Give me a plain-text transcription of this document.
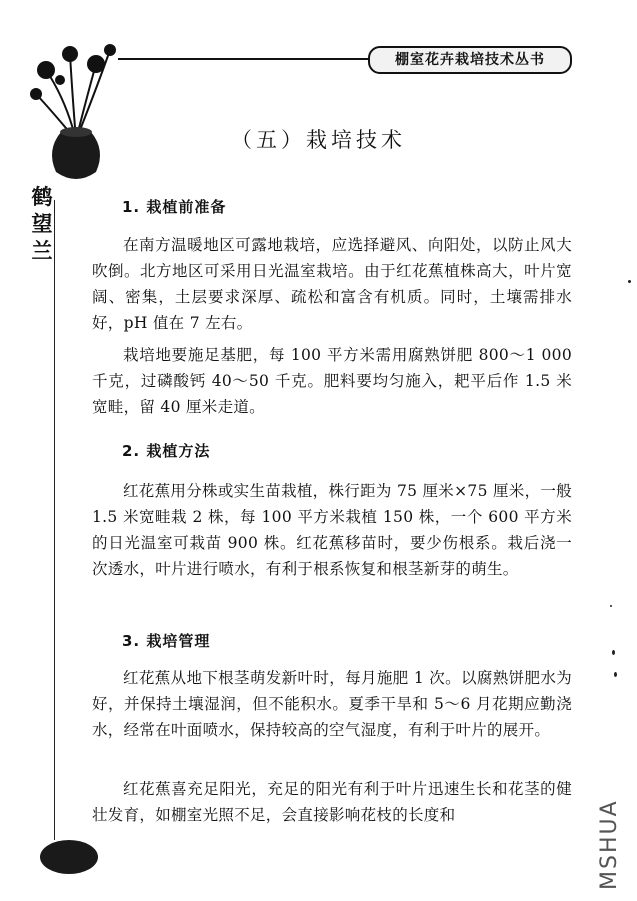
棚室花卉栽培技术丛书
鹤
望
兰
（五）栽培技术
1. 栽植前准备
在南方温暖地区可露地栽培，应选择避风、向阳处，以防止风大吹倒。北方地区可采用日光温室栽培。由于红花蕉植株高大，叶片宽阔、密集，土层要求深厚、疏松和富含有机质。同时，土壤需排水好，pH 值在 7 左右。
栽培地要施足基肥，每 100 平方米需用腐熟饼肥 800～1 000 千克，过磷酸钙 40～50 千克。肥料要均匀施入，耙平后作 1.5 米宽畦，留 40 厘米走道。
2. 栽植方法
红花蕉用分株或实生苗栽植，株行距为 75 厘米×75 厘米，一般 1.5 米宽畦栽 2 株，每 100 平方米栽植 150 株，一个 600 平方米的日光温室可栽苗 900 株。红花蕉移苗时，要少伤根系。栽后浇一次透水，叶片进行喷水，有利于根系恢复和根茎新芽的萌生。
3. 栽培管理
红花蕉从地下根茎萌发新叶时，每月施肥 1 次。以腐熟饼肥水为好，并保持土壤湿润，但不能积水。夏季干旱和 5～6 月花期应勤浇水，经常在叶面喷水，保持较高的空气湿度，有利于叶片的展开。
红花蕉喜充足阳光，充足的阳光有利于叶片迅速生长和花茎的健壮发育，如棚室光照不足，会直接影响花枝的长度和	MSHUA
